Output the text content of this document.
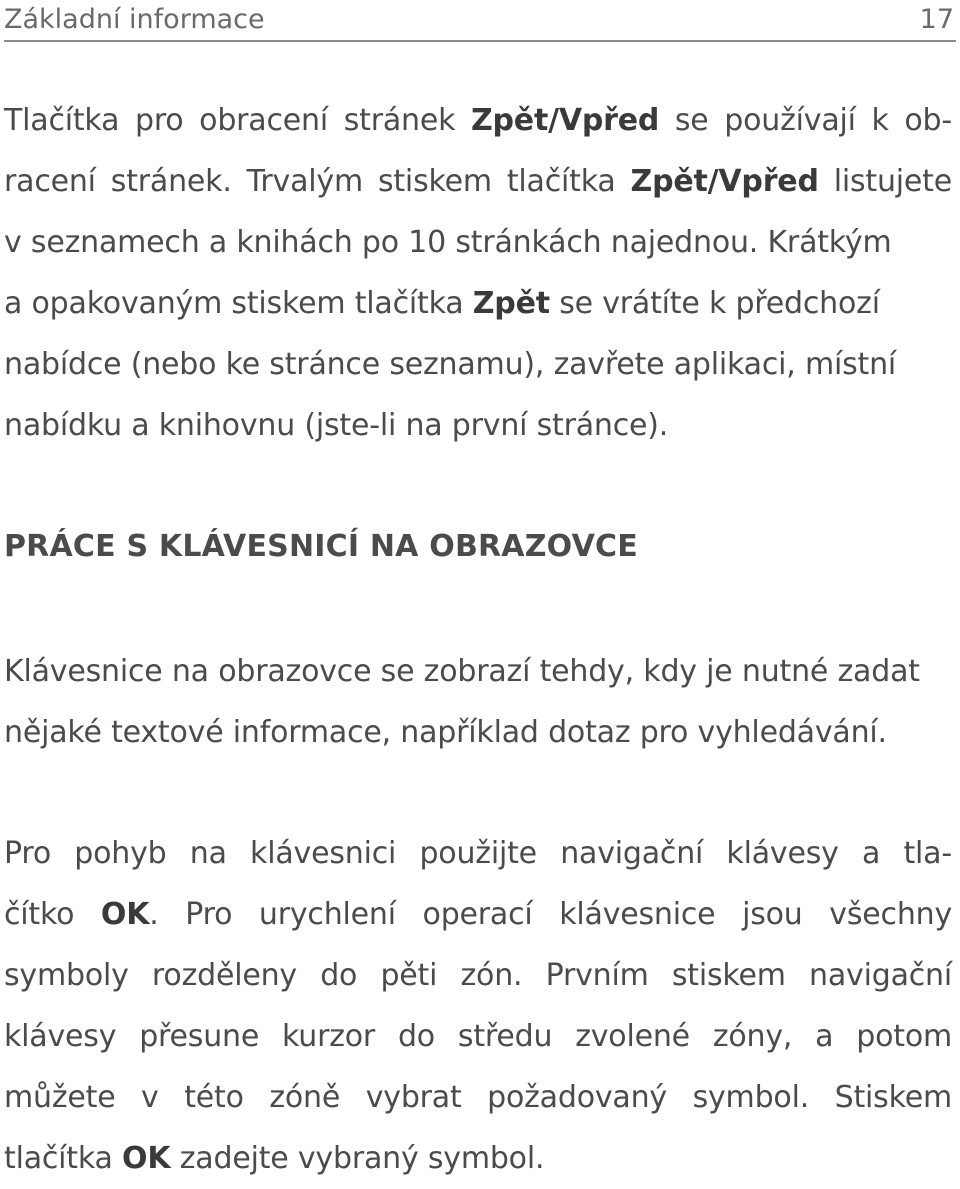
Základní informace	17
Tlačítka pro obracení stránek Zpět/Vpřed se používají k ob-
racení stránek. Trvalým stiskem tlačítka Zpět/Vpřed listujete
v seznamech a knihách po 10 stránkách najednou. Krátkým
a opakovaným stiskem tlačítka Zpět se vrátíte k předchozí
nabídce (nebo ke stránce seznamu), zavřete aplikaci, místní
nabídku a knihovnu (jste-li na první stránce).
PRÁCE S KLÁVESNICÍ NA OBRAZOVCE
Klávesnice na obrazovce se zobrazí tehdy, kdy je nutné zadat
nějaké textové informace, například dotaz pro vyhledávání.
Pro pohyb na klávesnici použijte navigační klávesy a tla-
čítko OK. Pro urychlení operací klávesnice jsou všechny
symboly rozděleny do pěti zón. Prvním stiskem navigační
klávesy přesune kurzor do středu zvolené zóny, a potom
můžete v této zóně vybrat požadovaný symbol. Stiskem
tlačítka OK zadejte vybraný symbol.
